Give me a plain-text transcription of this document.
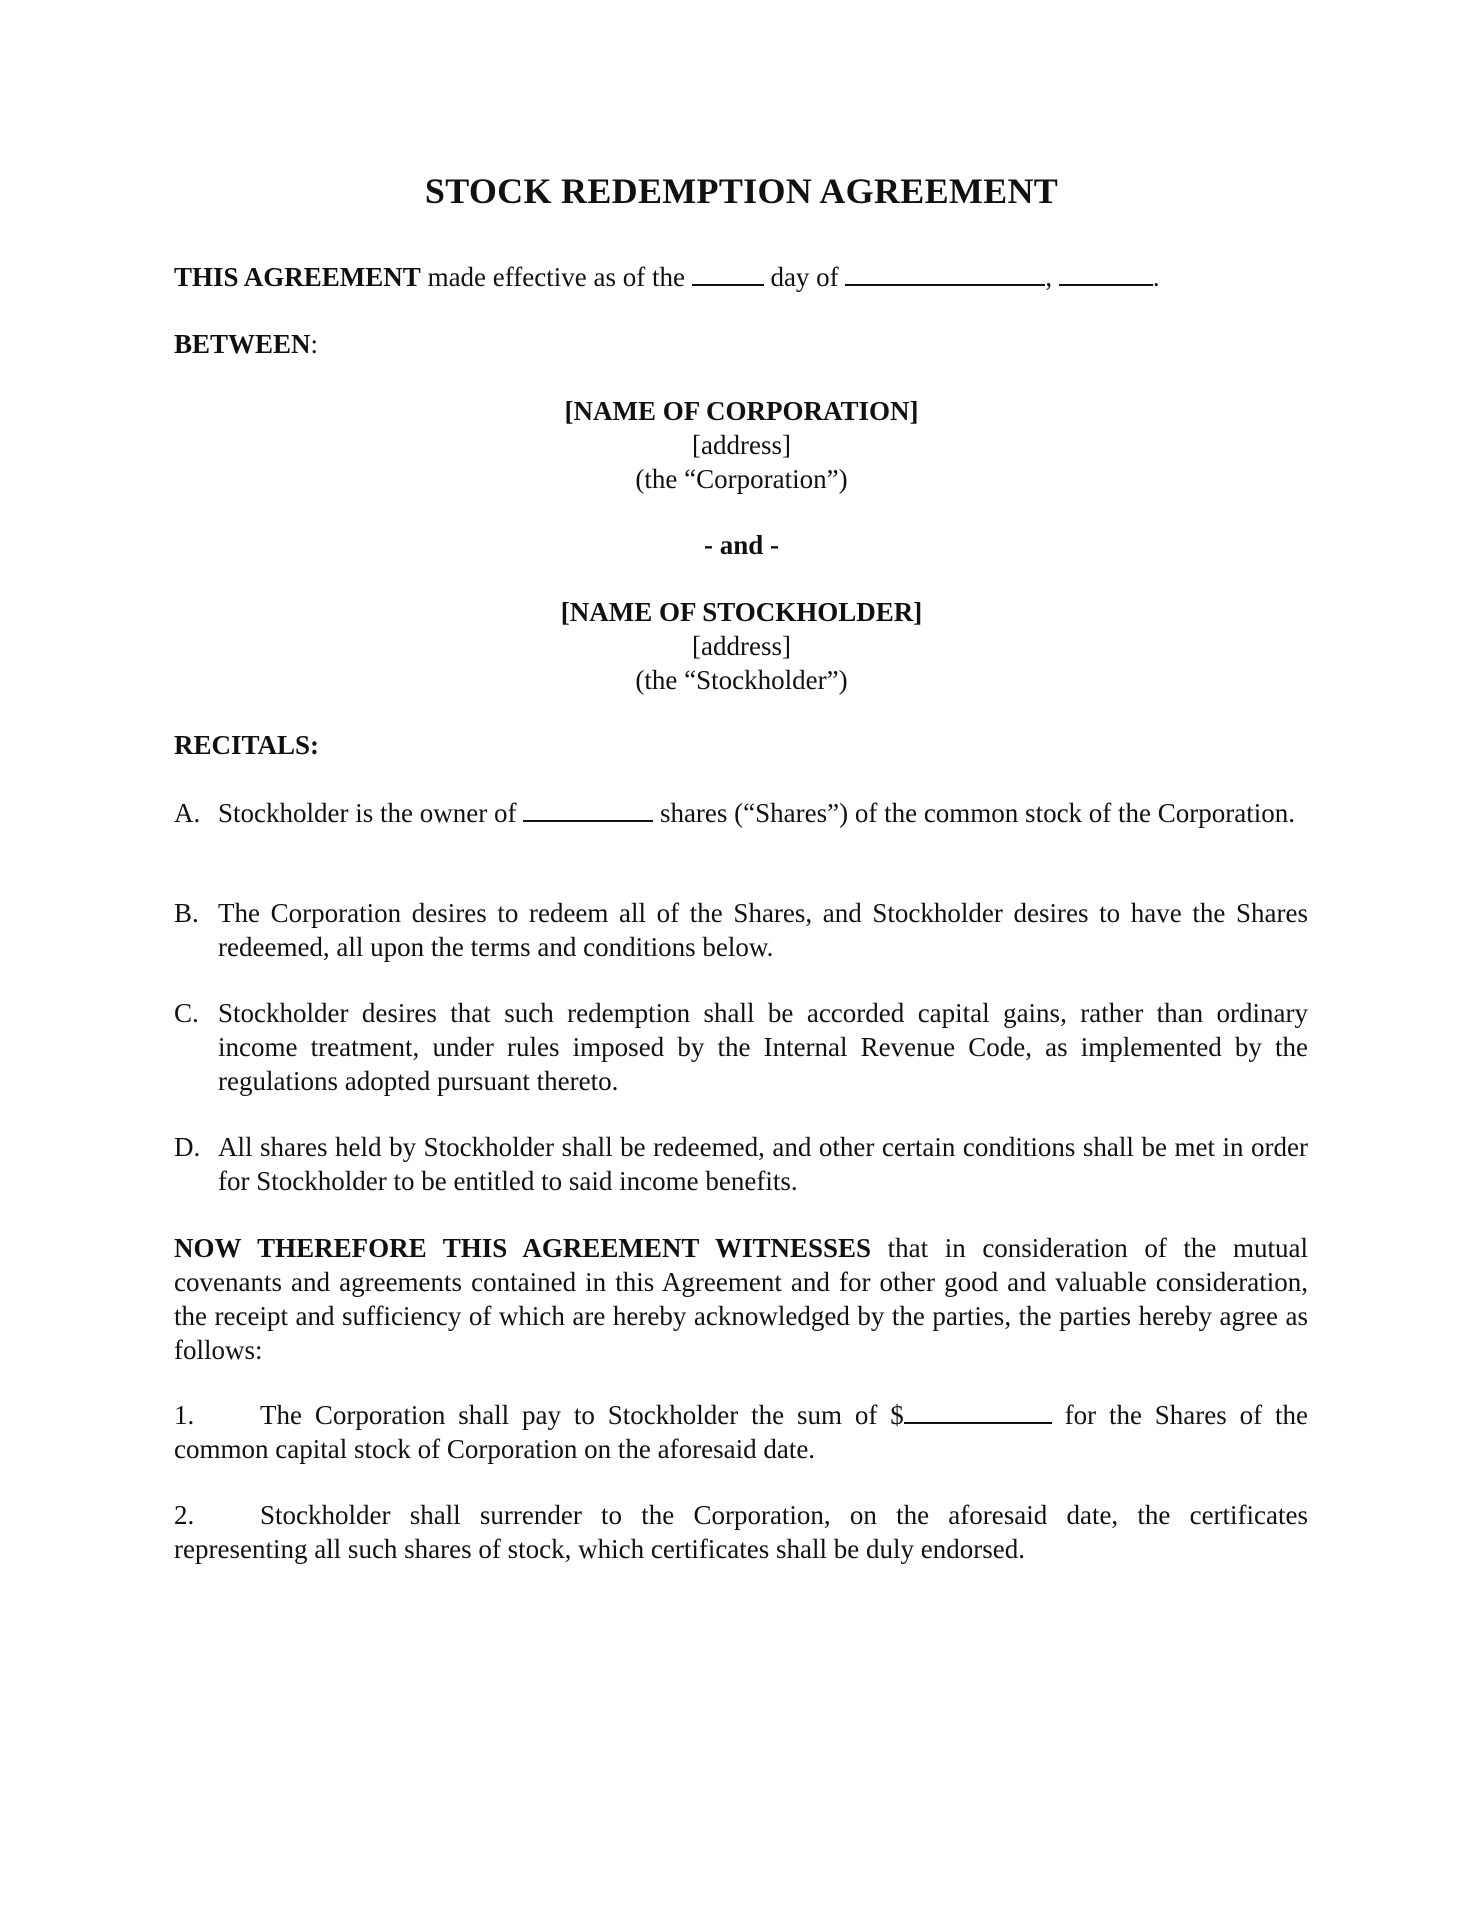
STOCK REDEMPTION AGREEMENT
THIS AGREEMENT made effective as of the	day of	,	.
BETWEEN:
[NAME OF CORPORATION]
[address]
(the “Corporation”)
- and -
[NAME OF STOCKHOLDER]
[address]
(the “Stockholder”)
RECITALS:
A. Stockholder is the owner of	shares (“Shares”) of the common stock of the Corporation.
B. The Corporation desires to redeem all of the Shares, and Stockholder desires to have the Shares redeemed, all upon the terms and conditions below.
C. Stockholder desires that such redemption shall be accorded capital gains, rather than ordinary income treatment, under rules imposed by the Internal Revenue Code, as implemented by the regulations adopted pursuant thereto.
D. All shares held by Stockholder shall be redeemed, and other certain conditions shall be met in order for Stockholder to be entitled to said income benefits.
NOW THEREFORE THIS AGREEMENT WITNESSES that in consideration of the mutual covenants and agreements contained in this Agreement and for other good and valuable consideration, the receipt and sufficiency of which are hereby acknowledged by the parties, the parties hereby agree as follows:
1. The Corporation shall pay to Stockholder the sum of $	for the Shares of the common capital stock of Corporation on the aforesaid date.
2. Stockholder shall surrender to the Corporation, on the aforesaid date, the certificates representing all such shares of stock, which certificates shall be duly endorsed.
